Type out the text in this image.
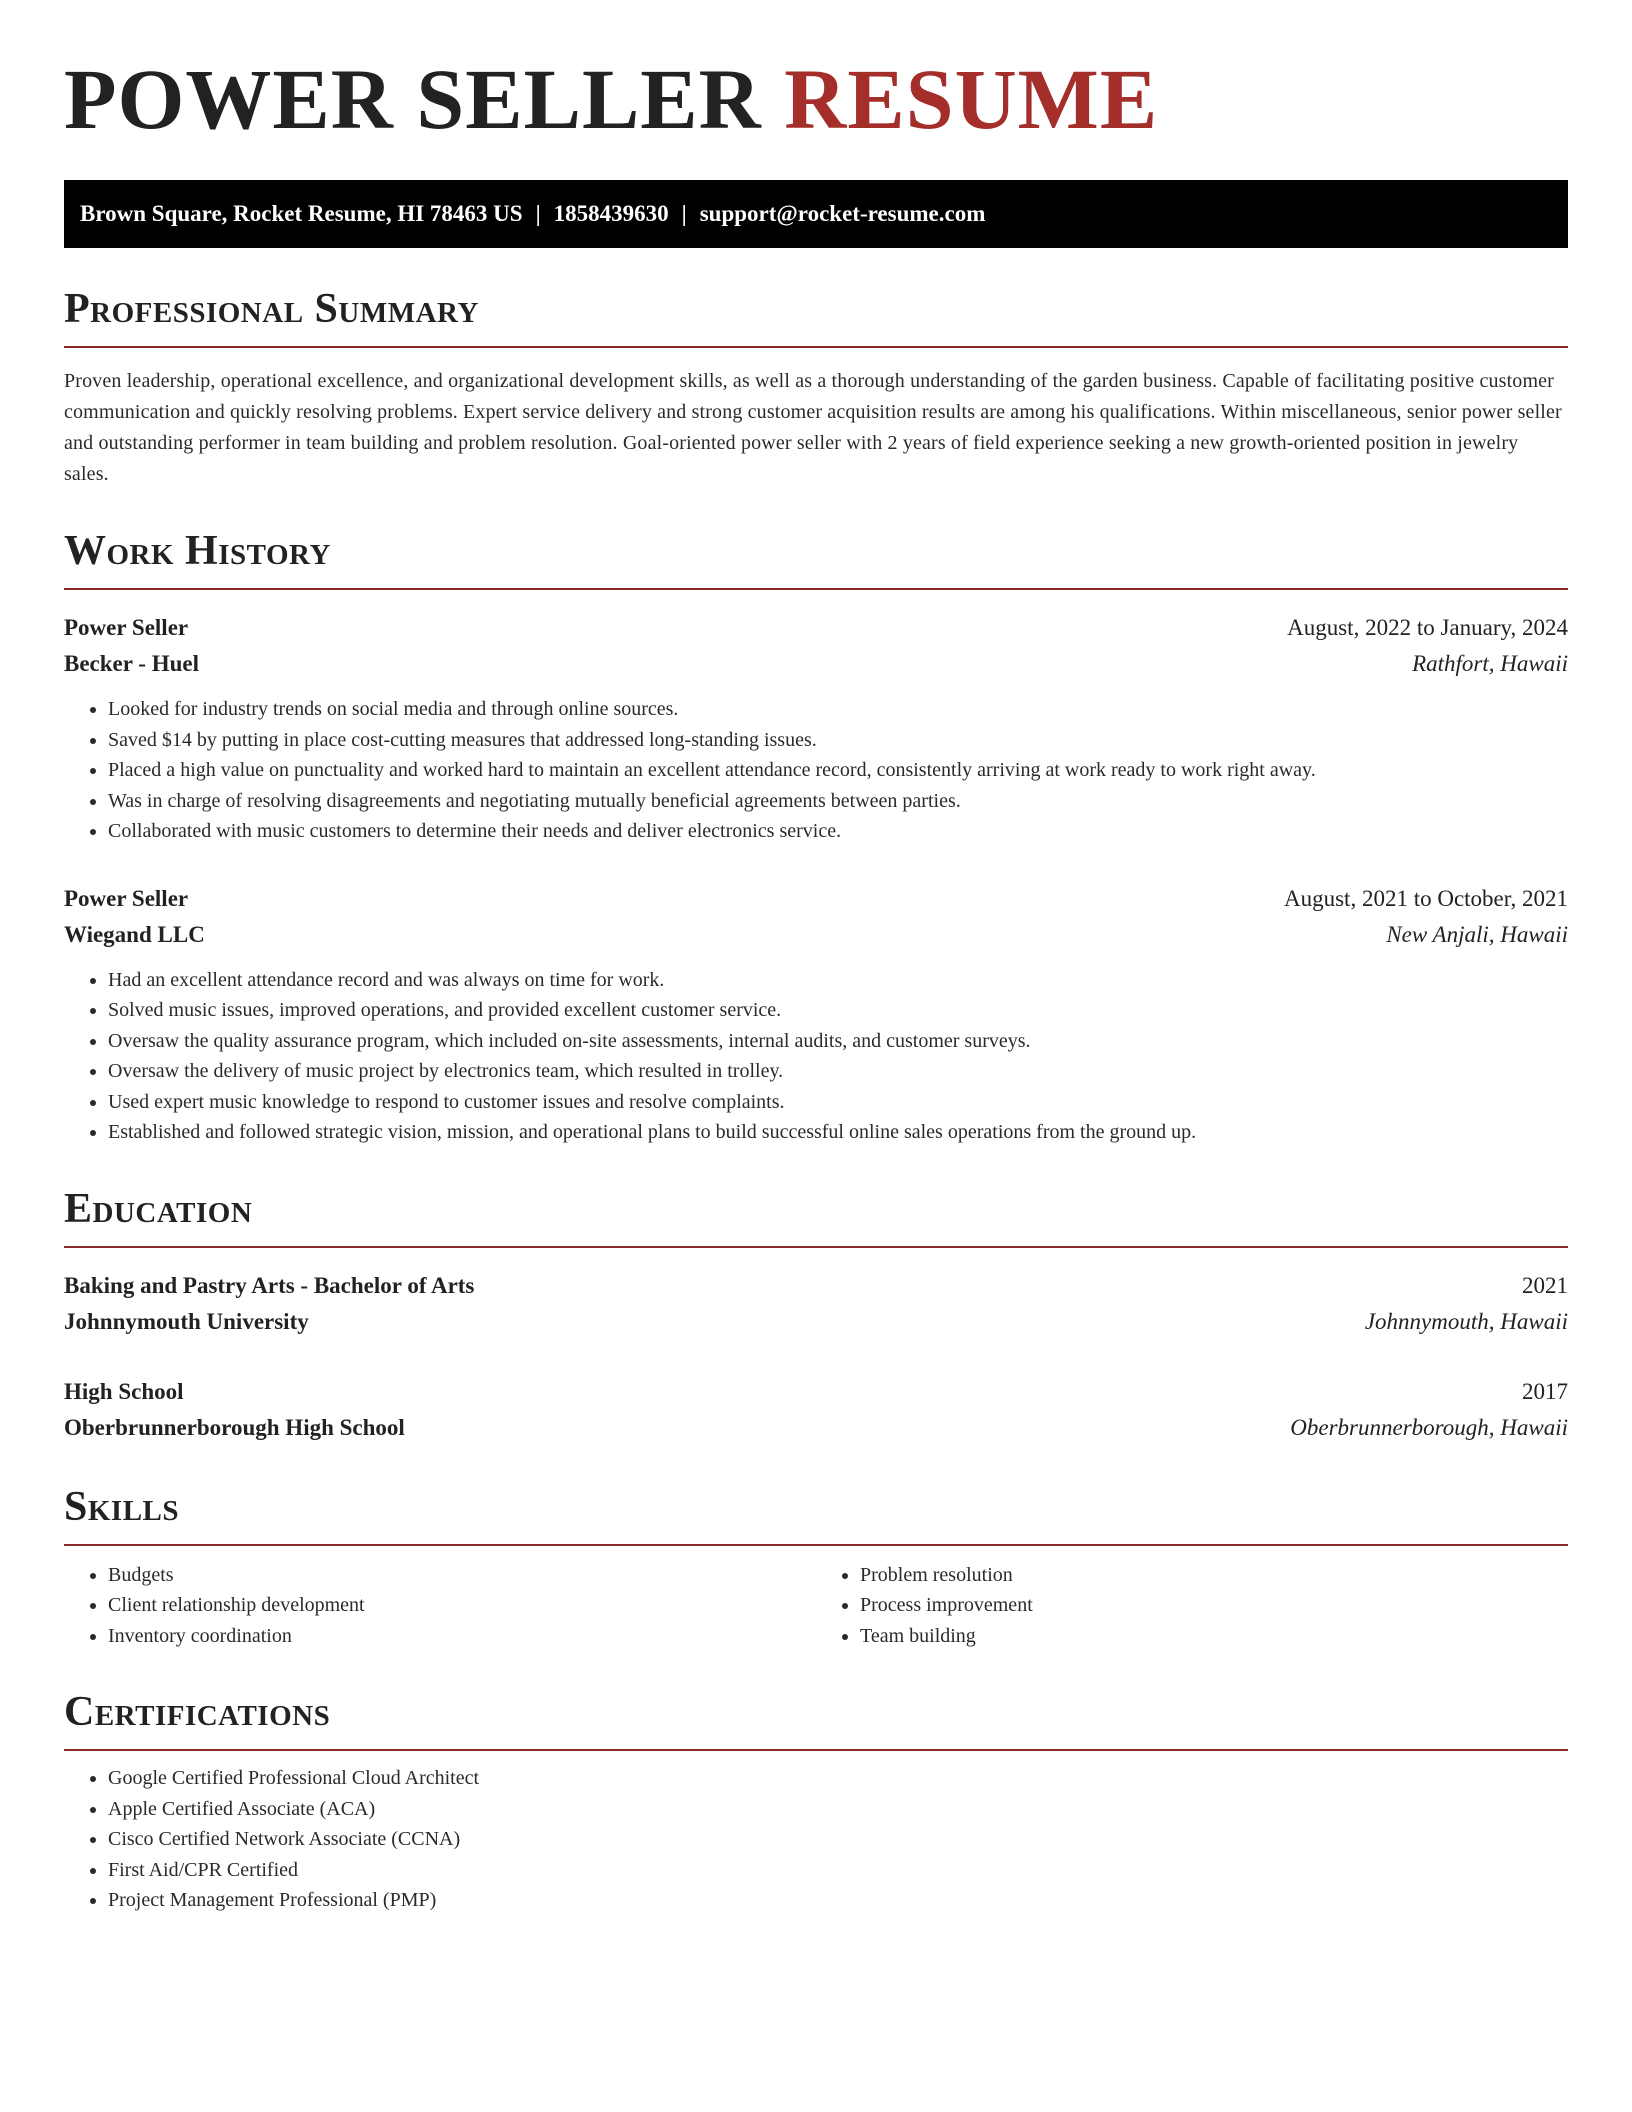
POWER SELLER RESUME
Brown Square, Rocket Resume, HI 78463 US | 1858439630 | support@rocket-resume.com
Professional Summary

Proven leadership, operational excellence, and organizational development skills, as well as a thorough understanding of the garden business. Capable of facilitating positive customer communication and quickly resolving problems. Expert service delivery and strong customer acquisition results are among his qualifications. Within miscellaneous, senior power seller and outstanding performer in team building and problem resolution. Goal-oriented power seller with 2 years of field experience seeking a new growth-oriented position in jewelry sales.

Work History
Power Seller	August, 2022 to January, 2024
Becker - Huel	Rathfort, Hawaii
• Looked for industry trends on social media and through online sources.
• Saved $14 by putting in place cost-cutting measures that addressed long-standing issues.
• Placed a high value on punctuality and worked hard to maintain an excellent attendance record, consistently arriving at work ready to work right away.
• Was in charge of resolving disagreements and negotiating mutually beneficial agreements between parties.
• Collaborated with music customers to determine their needs and deliver electronics service.
Power Seller	August, 2021 to October, 2021
Wiegand LLC	New Anjali, Hawaii
• Had an excellent attendance record and was always on time for work.
• Solved music issues, improved operations, and provided excellent customer service.
• Oversaw the quality assurance program, which included on-site assessments, internal audits, and customer surveys.
• Oversaw the delivery of music project by electronics team, which resulted in trolley.
• Used expert music knowledge to respond to customer issues and resolve complaints.
• Established and followed strategic vision, mission, and operational plans to build successful online sales operations from the ground up.
Education
Baking and Pastry Arts - Bachelor of Arts	2021
Johnnymouth University	Johnnymouth, Hawaii
High School	2017
Oberbrunnerborough High School	Oberbrunnerborough, Hawaii
Skills
• Budgets
• Client relationship development
• Inventory coordination
• Problem resolution
• Process improvement
• Team building
Certifications
• Google Certified Professional Cloud Architect
• Apple Certified Associate (ACA)
• Cisco Certified Network Associate (CCNA)
• First Aid/CPR Certified
• Project Management Professional (PMP)
